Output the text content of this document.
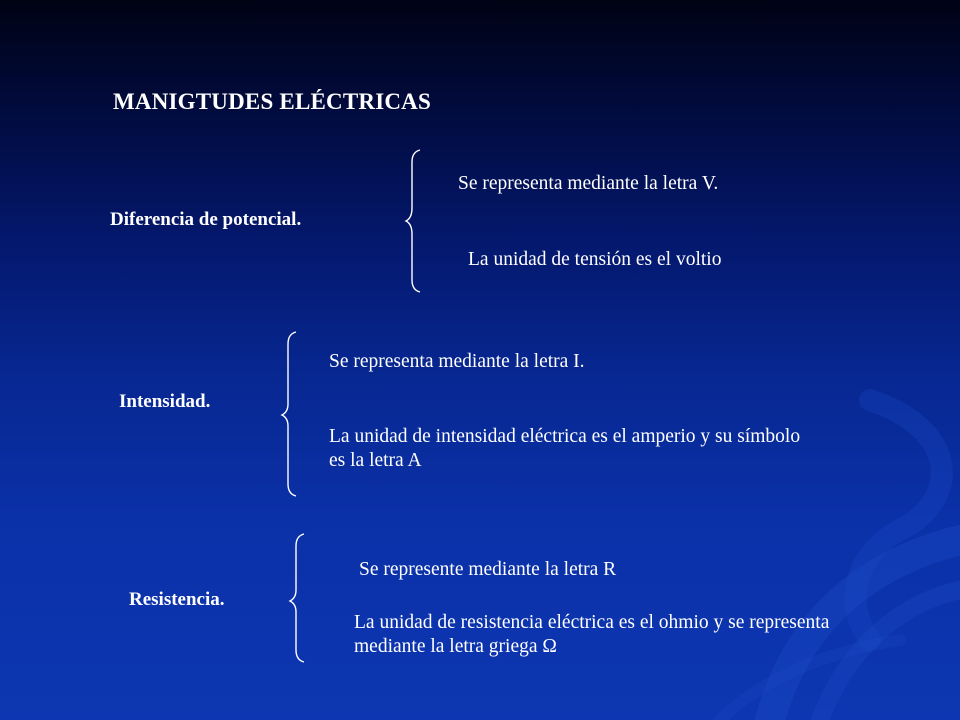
MANIGTUDES ELÉCTRICAS
Diferencia de potencial.
Se representa mediante la letra V.
La unidad de tensión es el voltio
Intensidad.
Se representa mediante la letra I.
La unidad de intensidad eléctrica es el amperio y su símbolo es la letra A
Resistencia.
Se represente mediante la letra R
La unidad de resistencia eléctrica es el ohmio y se representa mediante la letra griega Ω
